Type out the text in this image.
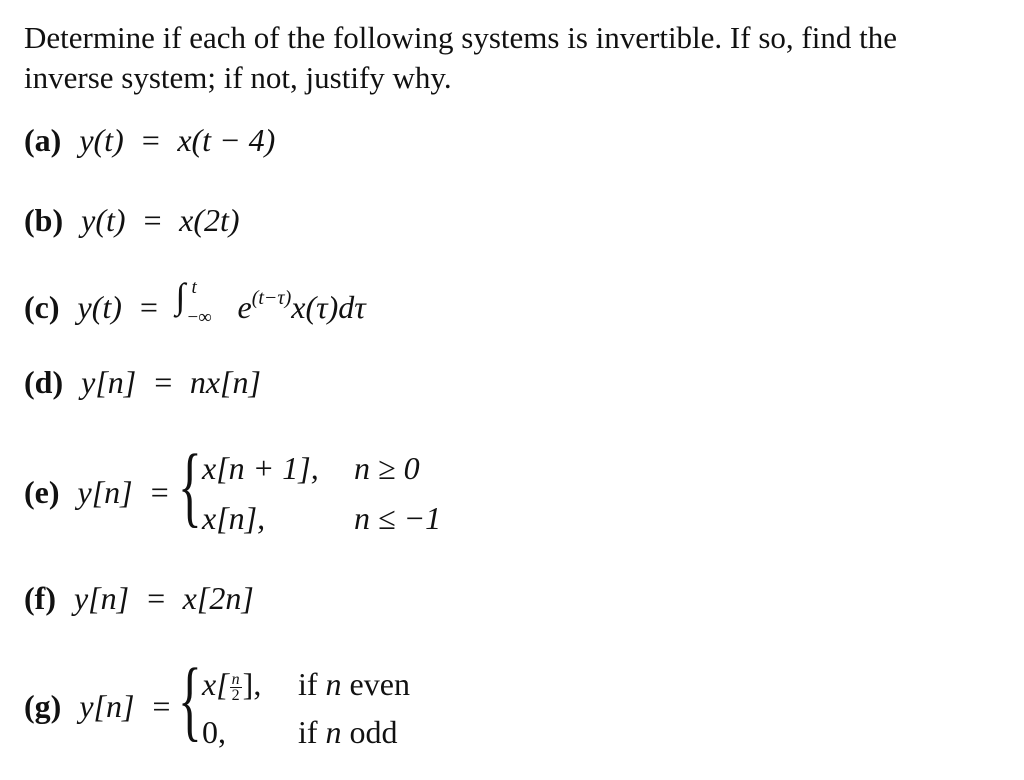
Determine if each of the following systems is invertible. If so, find the inverse system; if not, justify why.
(a) y(t) = x(t − 4)
(b) y(t) = x(2t)
(c) y(t) = ∫ t
−∞ $e^{(t-\tau)}x(\tau)d\tau$
(d) y[n] = nx[n]
(e) y[n] = { x[n + 1], n ≥ 0
x[n],	n ≤ −1
(f) y[n] = x[2n]
(g) y[n] = { $x[ \frac{n}{2}$ ], if n even
0, if n odd
